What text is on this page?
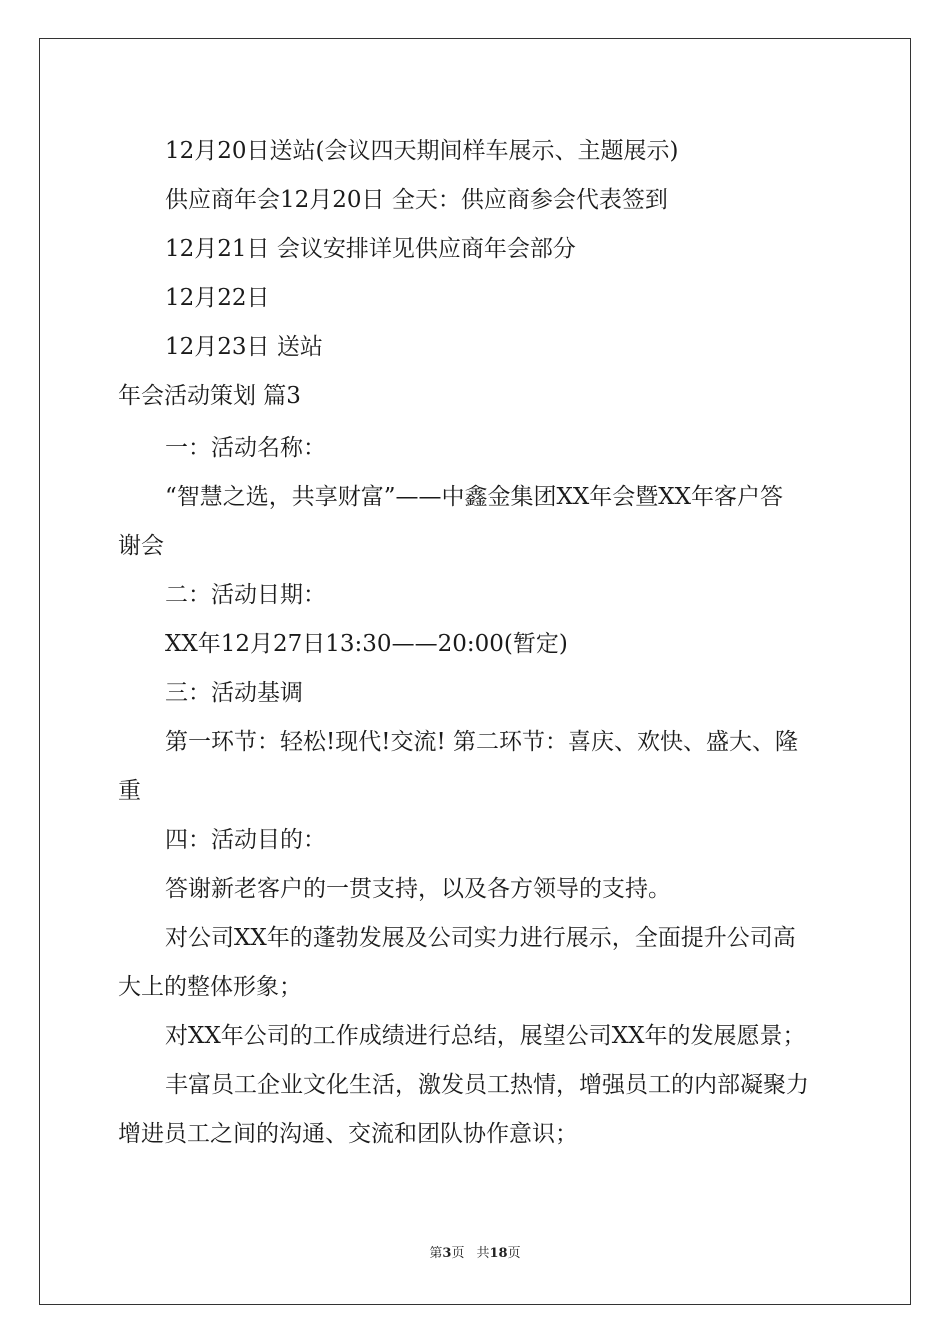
12月20日送站(会议四天期间样车展示、主题展示)

供应商年会12月20日 全天：供应商参会代表签到

12月21日 会议安排详见供应商年会部分

12月22日

12月23日 送站

年会活动策划 篇3

一：活动名称：

“智慧之选，共享财富”——中鑫金集团XX年会暨XX年客户答

谢会

二：活动日期：

XX年12月27日13:30——20:00(暂定)

三：活动基调

第一环节：轻松!现代!交流! 第二环节：喜庆、欢快、盛大、隆

重

四：活动目的：

答谢新老客户的一贯支持，以及各方领导的支持。

对公司XX年的蓬勃发展及公司实力进行展示，全面提升公司高

大上的整体形象；

对XX年公司的工作成绩进行总结，展望公司XX年的发展愿景；

丰富员工企业文化生活，激发员工热情，增强员工的内部凝聚力

增进员工之间的沟通、交流和团队协作意识；

第3页 共18页
